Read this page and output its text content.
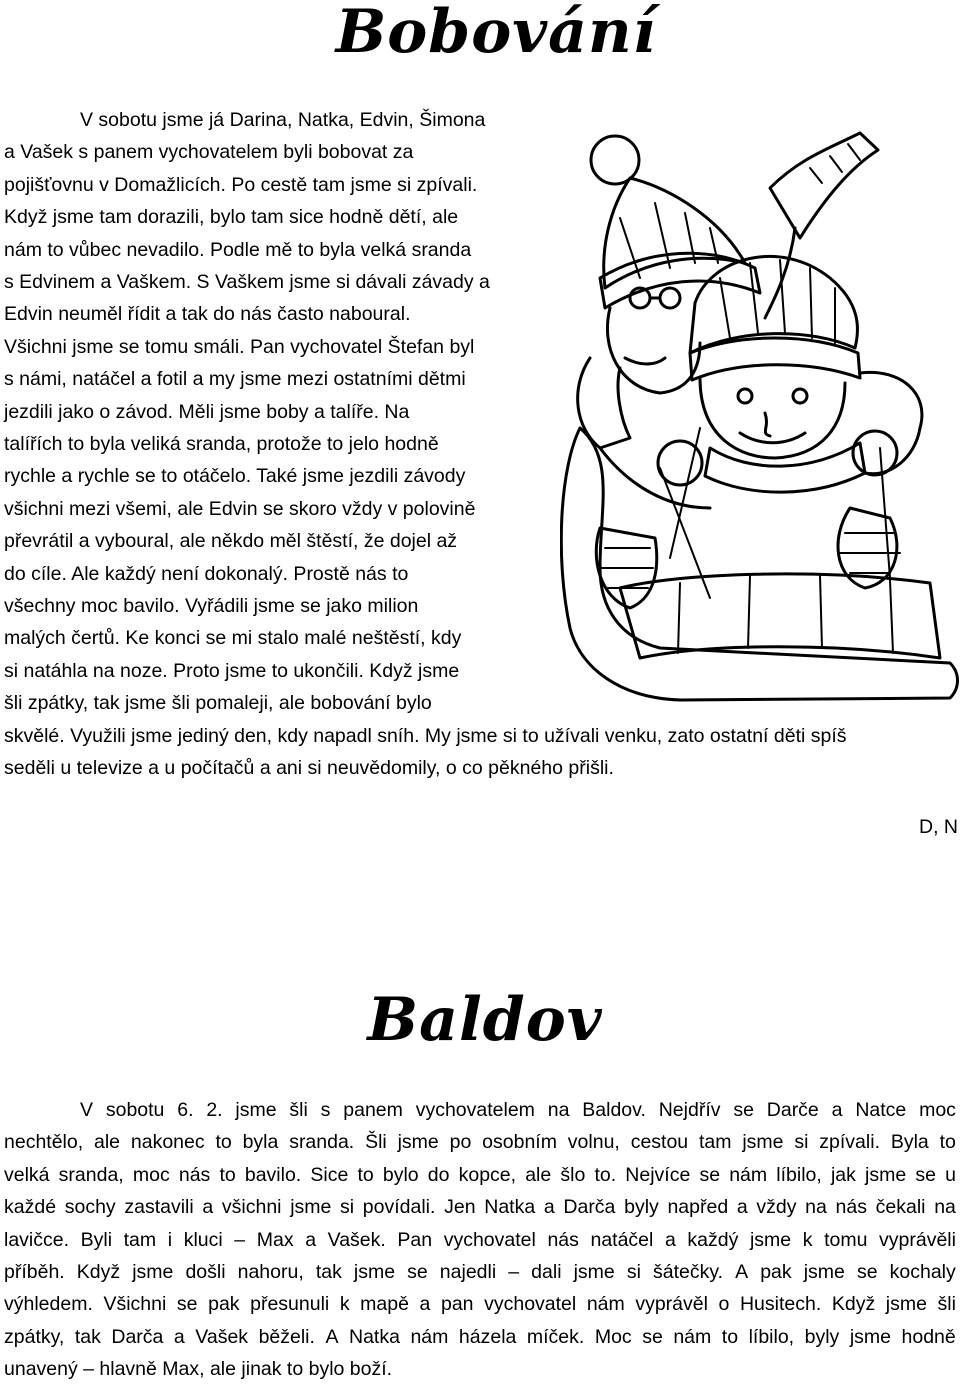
Bobování
V sobotu jsme já Darina, Natka, Edvin, Šimona
a Vašek s panem vychovatelem byli bobovat za
pojišťovnu v Domažlicích. Po cestě tam jsme si zpívali.
Když jsme tam dorazili, bylo tam sice hodně dětí, ale
nám to vůbec nevadilo. Podle mě to byla velká sranda
s Edvinem a Vaškem. S Vaškem jsme si dávali závady a
Edvin neuměl řídit a tak do nás často naboural.
Všichni jsme se tomu smáli. Pan vychovatel Štefan byl
s námi, natáčel a fotil a my jsme mezi ostatními dětmi
jezdili jako o závod. Měli jsme boby a talíře. Na
talířích to byla veliká sranda, protože to jelo hodně
rychle a rychle se to otáčelo. Také jsme jezdili závody
všichni mezi všemi, ale Edvin se skoro vždy v polovině
převrátil a vyboural, ale někdo měl štěstí, že dojel až
do cíle. Ale každý není dokonalý. Prostě nás to
všechny moc bavilo. Vyřádili jsme se jako milion
malých čertů. Ke konci se mi stalo malé neštěstí, kdy
si natáhla na noze. Proto jsme to ukončili. Když jsme
šli zpátky, tak jsme šli pomaleji, ale bobování bylo
skvělé. Využili jsme jediný den, kdy napadl sníh. My jsme si to užívali venku, zato ostatní děti spíš
seděli u televize a u počítačů a ani si neuvědomily, o co pěkného přišli.
D, N
Baldov
V sobotu 6. 2. jsme šli s panem vychovatelem na Baldov. Nejdřív se Darče a Natce moc
nechtělo, ale nakonec to byla sranda. Šli jsme po osobním volnu, cestou tam jsme si zpívali. Byla to
velká sranda, moc nás to bavilo. Sice to bylo do kopce, ale šlo to. Nejvíce se nám líbilo, jak jsme se u
každé sochy zastavili a všichni jsme si povídali. Jen Natka a Darča byly napřed a vždy na nás čekali na
lavičce. Byli tam i kluci – Max a Vašek. Pan vychovatel nás natáčel a každý jsme k tomu vyprávěli
příběh. Když jsme došli nahoru, tak jsme se najedli – dali jsme si šátečky. A pak jsme se kochaly
výhledem. Všichni se pak přesunuli k mapě a pan vychovatel nám vyprávěl o Husitech. Když jsme šli
zpátky, tak Darča a Vašek běželi. A Natka nám házela míček. Moc se nám to líbilo, byly jsme hodně
unavený – hlavně Max, ale jinak to bylo boží.
